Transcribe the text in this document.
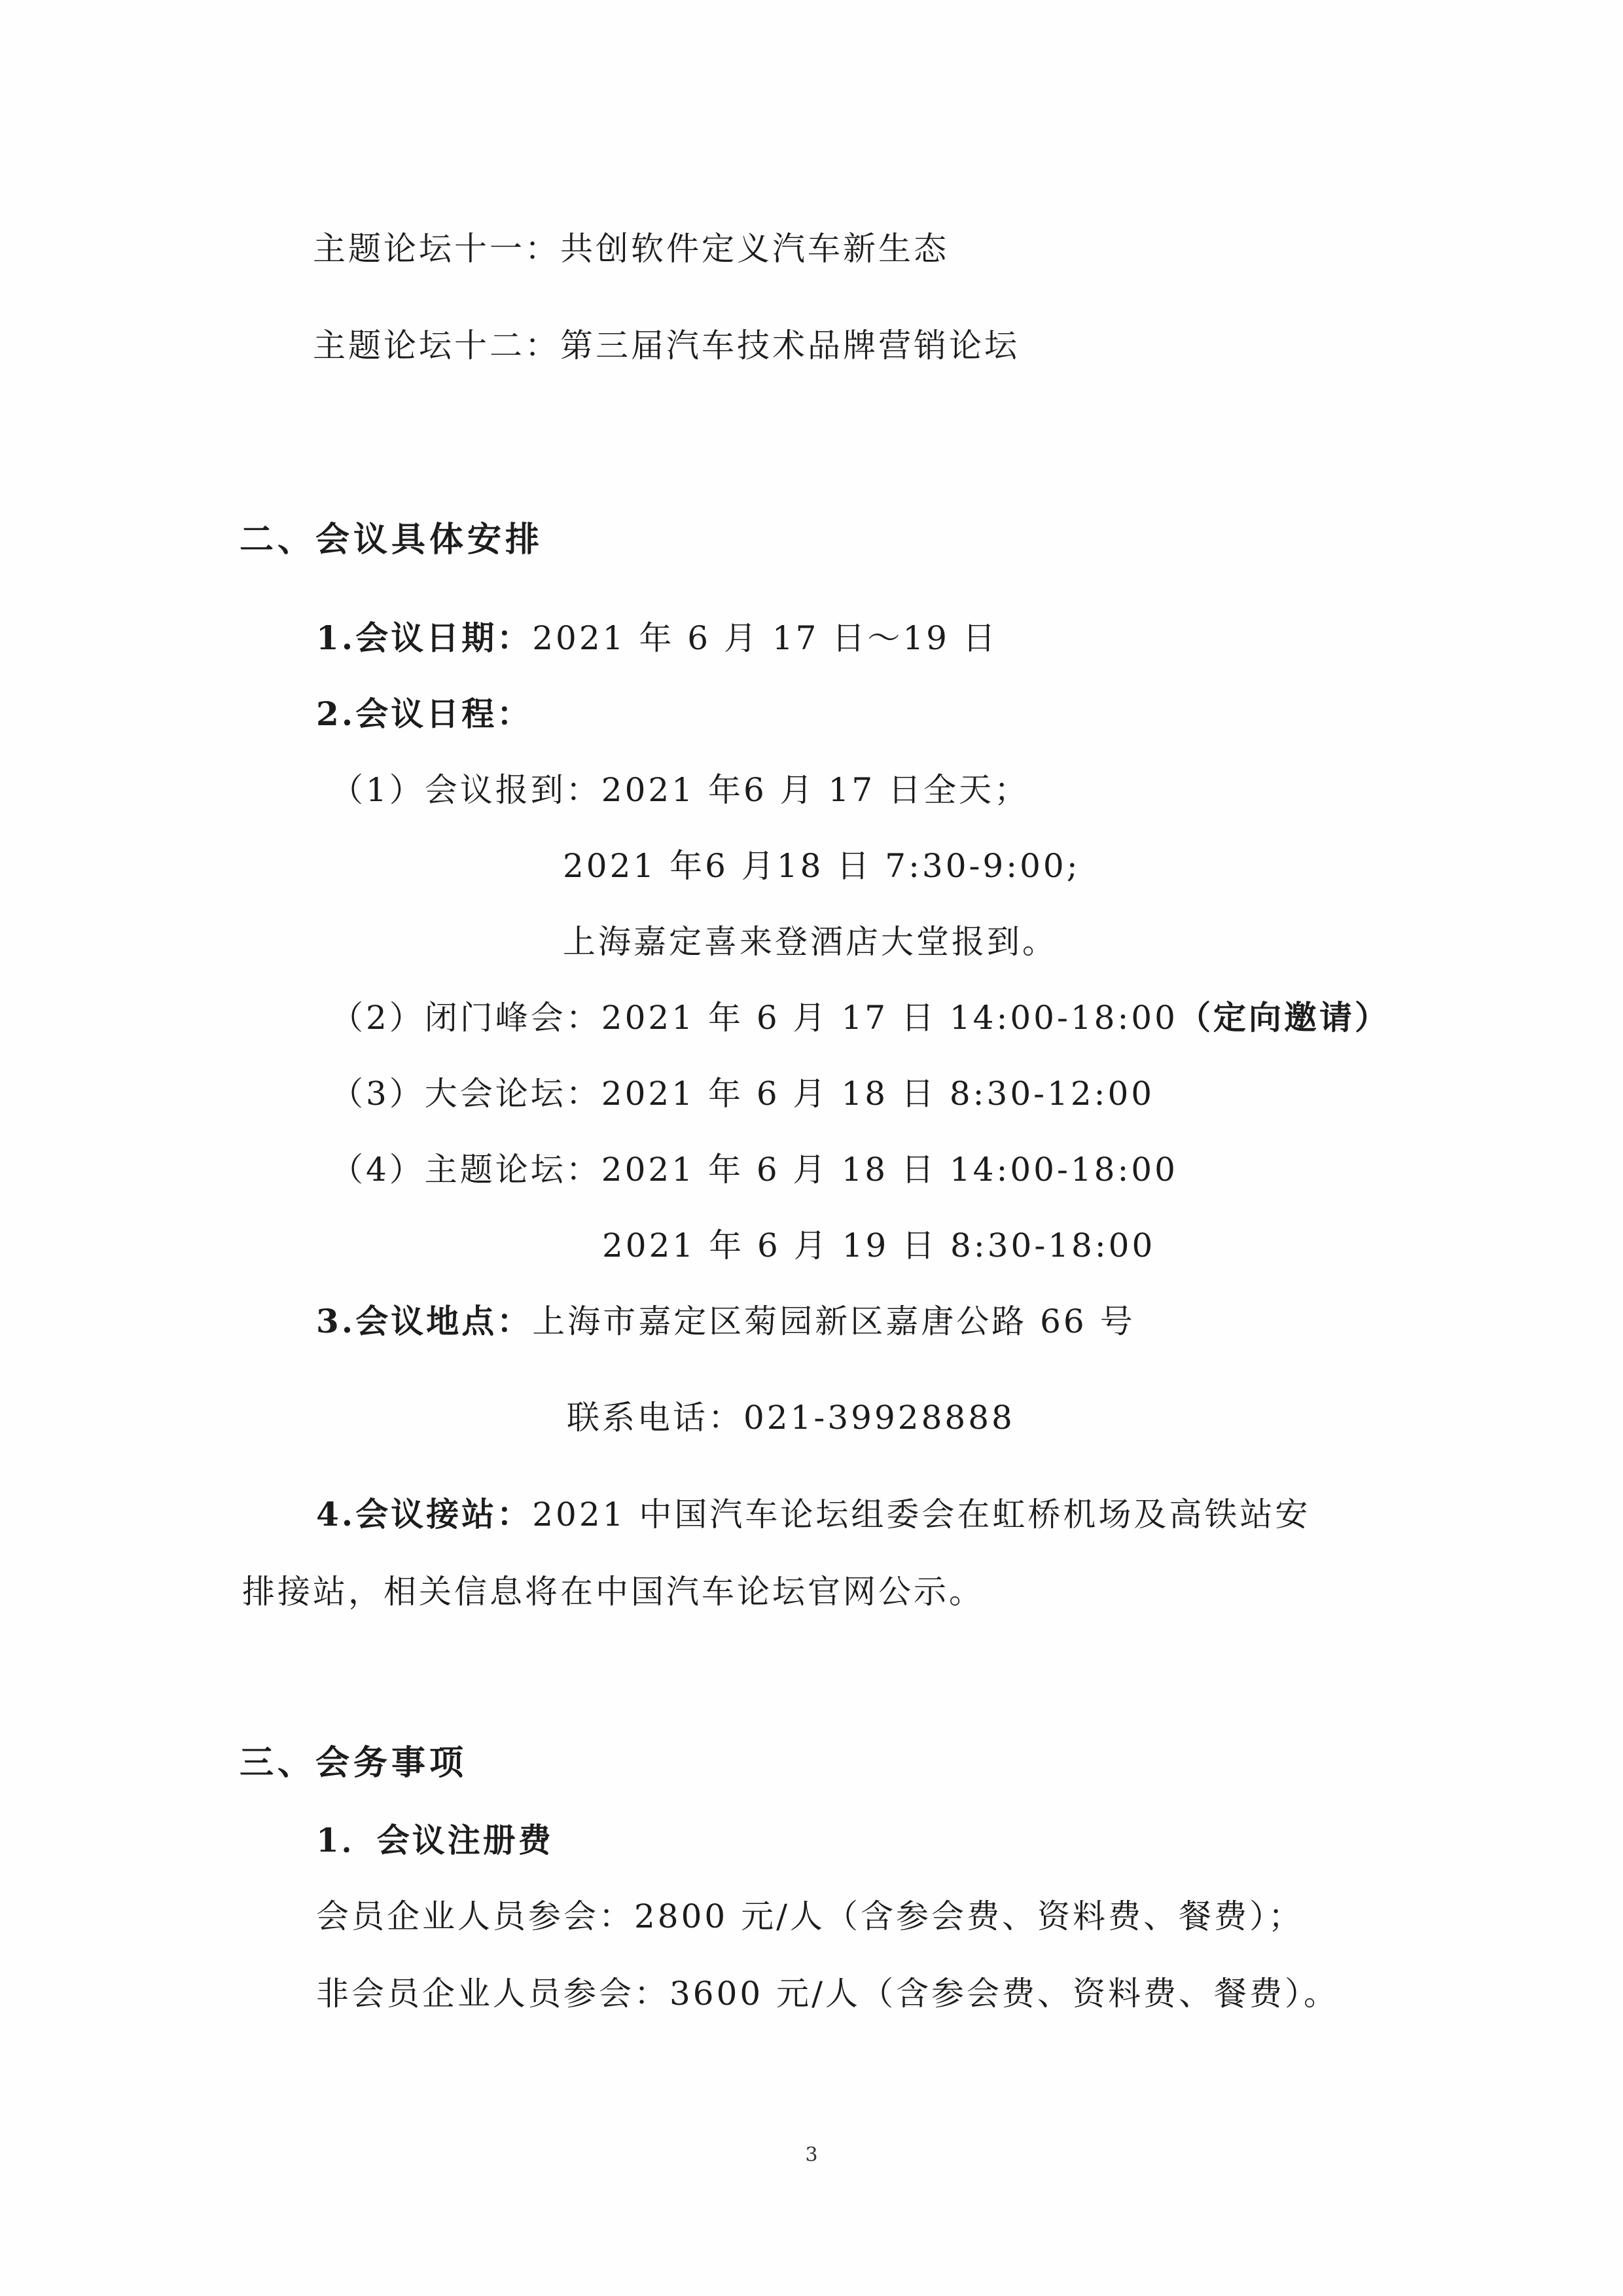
主题论坛十一：共创软件定义汽车新生态
主题论坛十二：第三届汽车技术品牌营销论坛
二、会议具体安排
1.会议日期：2021 年 6 月 17 日～19 日
2.会议日程：
（1）会议报到：2021 年6 月 17 日全天；
2021 年6 月18 日 7:30-9:00;
上海嘉定喜来登酒店大堂报到。
（2）闭门峰会：2021 年 6 月 17 日 14:00-18:00（定向邀请）
（3）大会论坛：2021 年 6 月 18 日 8:30-12:00
（4）主题论坛：2021 年 6 月 18 日 14:00-18:00
2021 年 6 月 19 日 8:30-18:00
3.会议地点：上海市嘉定区菊园新区嘉唐公路 66 号
联系电话：021-39928888
4.会议接站：2021 中国汽车论坛组委会在虹桥机场及高铁站安
排接站，相关信息将在中国汽车论坛官网公示。
三、会务事项
1．会议注册费
会员企业人员参会：2800 元/人（含参会费、资料费、餐费）；
非会员企业人员参会：3600 元/人（含参会费、资料费、餐费）。
3
